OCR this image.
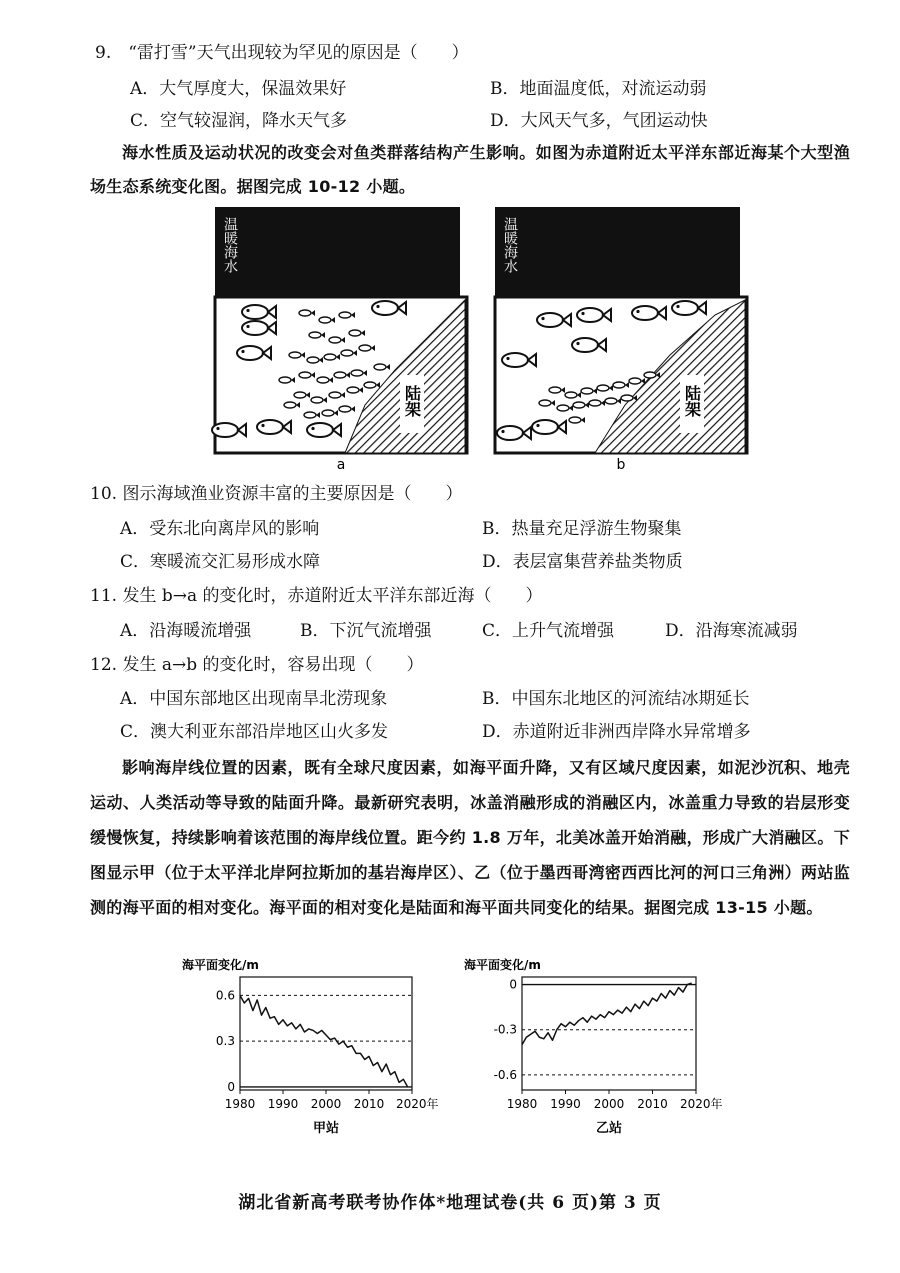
9.　“雷打雪”天气出现较为罕见的原因是（　　）
A．大气厚度大，保温效果好	B．地面温度低，对流运动弱
C．空气较湿润，降水天气多	D．大风天气多，气团运动快
海水性质及运动状况的改变会对鱼类群落结构产生影响。如图为赤道附近太平洋东部近海某个大型渔场生态系统变化图。据图完成 10-12 小题。
陆架
温暖海水
a
陆架
温暖海水
b
10. 图示海域渔业资源丰富的主要原因是（　　）
A．受东北向离岸风的影响	B．热量充足浮游生物聚集
C．寒暖流交汇易形成水障	D．表层富集营养盐类物质
11. 发生 b→a 的变化时，赤道附近太平洋东部近海（　　）
A．沿海暖流增强	B．下沉气流增强	C．上升气流增强	D．沿海寒流减弱
12. 发生 a→b 的变化时，容易出现（　　）
A．中国东部地区出现南旱北涝现象	B．中国东北地区的河流结冰期延长
C．澳大利亚东部沿岸地区山火多发	D．赤道附近非洲西岸降水异常增多
影响海岸线位置的因素，既有全球尺度因素，如海平面升降，又有区域尺度因素，如泥沙沉积、地壳运动、人类活动等导致的陆面升降。最新研究表明，冰盖消融形成的消融区内，冰盖重力导致的岩层形变缓慢恢复，持续影响着该范围的海岸线位置。距今约 1.8 万年，北美冰盖开始消融，形成广大消融区。下图显示甲（位于太平洋北岸阿拉斯加的基岩海岸区）、乙（位于墨西哥湾密西西比河的河口三角洲）两站监测的海平面的相对变化。海平面的相对变化是陆面和海平面共同变化的结果。据图完成 13-15 小题。
海平面变化/m
0.6
0.3
0
1980 1990 2000 2010 2020年
甲站
海平面变化/m
0
-0.3
-0.6
1980 1990 2000 2010 2020年
乙站
湖北省新高考联考协作体*地理试卷(共 6 页)第 3 页
